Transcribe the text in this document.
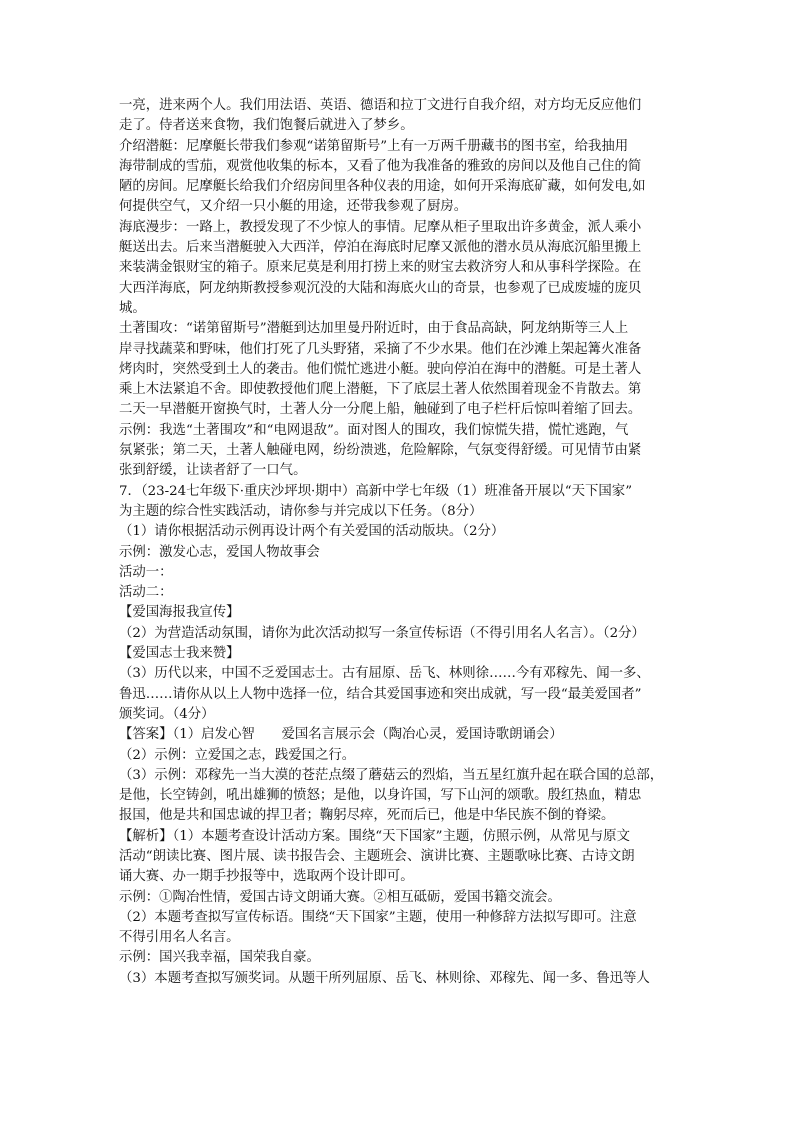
一亮，进来两个人。我们用法语、英语、德语和拉丁文进行自我介绍，对方均无反应他们
走了。侍者送来食物，我们饱餐后就进入了梦乡。
介绍潜艇：尼摩艇长带我们参观“诺第留斯号”上有一万两千册藏书的图书室，给我抽用
海带制成的雪茄，观赏他收集的标本，又看了他为我准备的雅致的房间以及他自己住的简
陋的房间。尼摩艇长给我们介绍房间里各种仪表的用途，如何开采海底矿藏，如何发电,如
何提供空气，又介绍一只小艇的用途，还带我参观了厨房。
海底漫步：一路上，教授发现了不少惊人的事情。尼摩从柜子里取出许多黄金，派人乘小
艇送出去。后来当潜艇驶入大西洋，停泊在海底时尼摩又派他的潜水员从海底沉船里搬上
来装满金银财宝的箱子。原来尼莫是利用打捞上来的财宝去救济穷人和从事科学探险。在
大西洋海底，阿龙纳斯教授参观沉没的大陆和海底火山的奇景，也参观了已成废墟的庞贝
城。
土著围攻：“诺第留斯号”潜艇到达加里曼丹附近时，由于食品高缺，阿龙纳斯等三人上
岸寻找蔬菜和野味，他们打死了几头野猪，采摘了不少水果。他们在沙滩上架起篝火准备
烤肉时，突然受到土人的袭击。他们慌忙逃进小艇。驶向停泊在海中的潜艇。可是土著人
乘上木法紧追不舍。即使教授他们爬上潜艇，下了底层土著人依然围着现金不肯散去。第
二天一早潜艇开窗换气时，土著人分一分爬上船，触碰到了电子栏杆后惊叫着缩了回去。
示例：我选“土著围攻”和“电网退敌”。面对图人的围攻，我们惊慌失措，慌忙逃跑，气
氛紧张；第二天，土著人触碰电网，纷纷溃逃，危险解除，气氛变得舒缓。可见情节由紧
张到舒缓，让读者舒了一口气。
7．（23-24七年级下·重庆沙坪坝·期中）高新中学七年级（1）班准备开展以“天下国家”
为主题的综合性实践活动，请你参与并完成以下任务。（8分）
（1）请你根据活动示例再设计两个有关爱国的活动版块。（2分）
示例：激发心志，爱国人物故事会
活动一：
活动二：
【爱国海报我宣传】
（2）为营造活动氛围，请你为此次活动拟写一条宣传标语（不得引用名人名言）。（2分）
【爱国志士我来赞】
（3）历代以来，中国不乏爱国志士。古有屈原、岳飞、林则徐……今有邓稼先、闻一多、
鲁迅……请你从以上人物中选择一位，结合其爱国事迹和突出成就，写一段“最美爱国者”
颁奖词。（4分）
【答案】（1）启发心智　　爱国名言展示会（陶冶心灵，爱国诗歌朗诵会）
（2）示例：立爱国之志，践爱国之行。
（3）示例：邓稼先一当大漠的苍茫点缀了蘑菇云的烈焰，当五星红旗升起在联合国的总部，
是他，长空铸剑，吼出雄狮的愤怒；是他，以身许国，写下山河的颂歌。殷红热血，精忠
报国，他是共和国忠诚的捍卫者；鞠躬尽瘁，死而后已，他是中华民族不倒的脊梁。
【解析】（1）本题考查设计活动方案。围绕“天下国家”主题，仿照示例，从常见与原文
活动“朗读比赛、图片展、读书报告会、主题班会、演讲比赛、主题歌咏比赛、古诗文朗
诵大赛、办一期手抄报等中，选取两个设计即可。
示例：①陶冶性情，爱国古诗文朗诵大赛。②相互砥砺，爱国书籍交流会。
（2）本题考查拟写宣传标语。围绕“天下国家”主题，使用一种修辞方法拟写即可。注意
不得引用名人名言。
示例：国兴我幸福，国荣我自豪。
（3）本题考查拟写颁奖词。从题干所列屈原、岳飞、林则徐、邓稼先、闻一多、鲁迅等人
